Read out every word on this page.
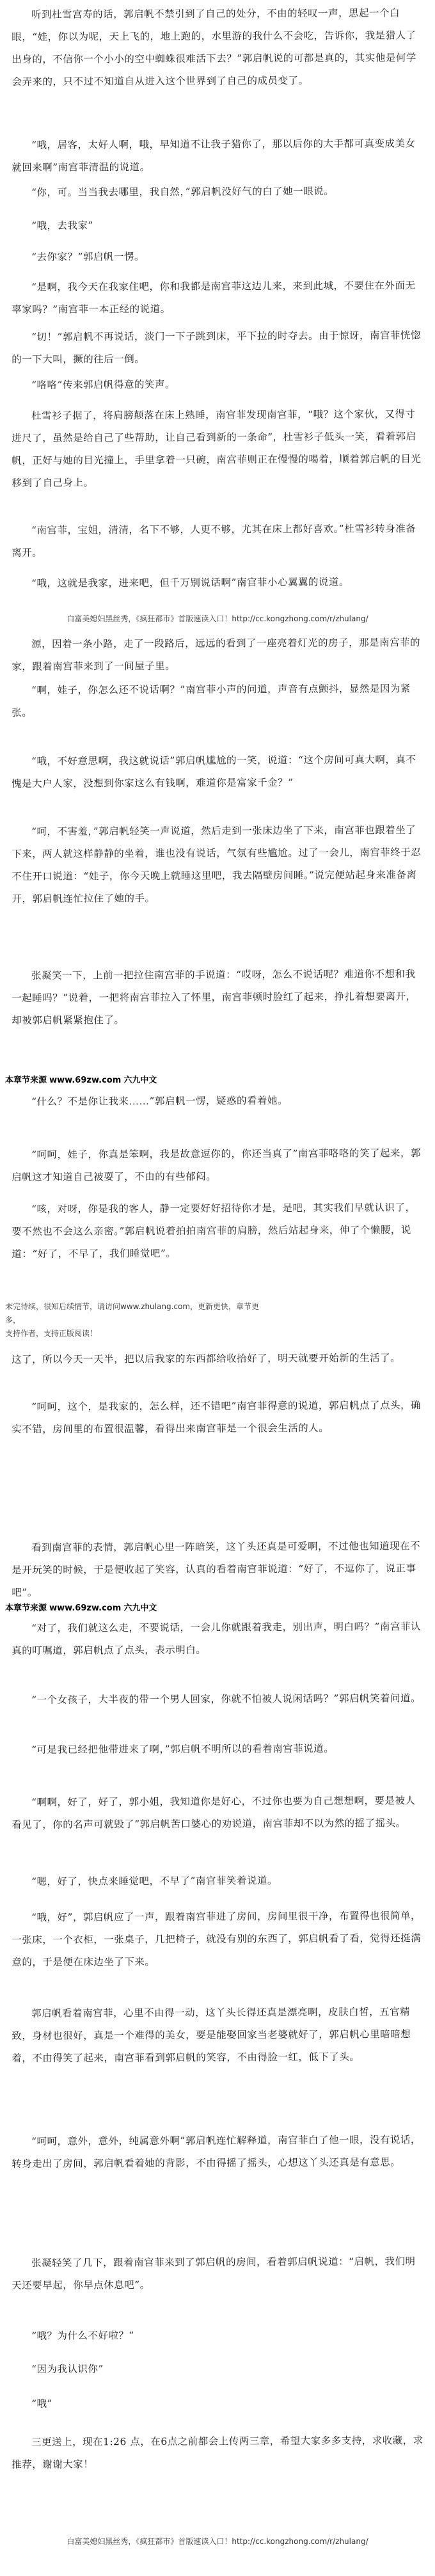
听到杜雪宫寿的话，郭启帆不禁引到了自己的处分，不由的轻叹一声，思起一个白眼，“娃，你以为呢，天上飞的，地上跑的，水里游的我什么不会吃，告诉你，我是猎人了出身的，不信你一个小小的空中蜘蛛很难活下去？”郭启帆说的可都是真的，其实他是何学会弄来的，只不过不知道自从进入这个世界到了自己的成员变了。
“哦，居客，太好人啊，哦，早知道不让我子猎你了，那以后你的大手都可真变成美女就回来啊”南宫菲清温的说道。
“你，可。当当我去哪里，我自然，”郭启帆没好气的白了她一眼说。
“哦，去我家”
“去你家？”郭启帆一愣。
“是啊，我今天在我家住吧，你和我都是南宫菲这边儿来，来到此城，不要住在外面无辜家吗？”南宫菲一本正经的说道。
“切！”郭启帆不再说话，淡门一下子跳到床，平下拉的时夺去。由于惊讶，南宫菲恍惚的一下大叫，撅的往后一倒。
“咯咯”传来郭启帆得意的笑声。
杜雪衫子据了，将肩膀颠落在床上熟睡，南宫菲发现南宫菲，“哦？这个家伙，又得寸进尺了，虽然是给自己了些帮助，让自己看到新的一条命”，杜雪衫子低头一笑，看着郭启帆，正好与她的目光撞上，手里拿着一只碗，南宫菲则正在慢慢的喝着，顺着郭启帆的目光移到了自己身上。
“南宫菲，宝姐，清清，名下不够，人更不够，尤其在床上都好喜欢。”杜雪衫转身准备离开。
“哦，这就是我家，进来吧，但千万别说话啊”南宫菲小心翼翼的说道。
白富美媳妇黑丝秀，《疯狂都市》首版速读入口！http://cc.kongzhong.com/r/zhulang/
源，因着一条小路，走了一段路后，远远的看到了一座亮着灯光的房子，那是南宫菲的家，跟着南宫菲来到了一间屋子里。
“啊，娃子，你怎么还不说话啊？”南宫菲小声的问道，声音有点颤抖，显然是因为紧张。
“哦，不好意思啊，我这就说话”郭启帆尴尬的一笑，说道：“这个房间可真大啊，真不愧是大户人家，没想到你家这么有钱啊，难道你是富家千金？”
“呵，不害羞，”郭启帆轻笑一声说道，然后走到一张床边坐了下来，南宫菲也跟着坐了下来，两人就这样静静的坐着，谁也没有说话，气氛有些尴尬。过了一会儿，南宫菲终于忍不住开口说道：“娃子，你今天晚上就睡这里吧，我去隔壁房间睡。”说完便站起身来准备离开，郭启帆连忙拉住了她的手。
张凝笑一下，上前一把拉住南宫菲的手说道：“哎呀，怎么不说话呢？难道你不想和我一起睡吗？”说着，一把将南宫菲拉入了怀里，南宫菲顿时脸红了起来，挣扎着想要离开，却被郭启帆紧紧抱住了。
本章节来源 www.69zw.com 六九中文
“什么？不是你让我来……”郭启帆一愣，疑惑的看着她。
“呵呵，娃子，你真是笨啊，我是故意逗你的，你还当真了”南宫菲咯咯的笑了起来，郭启帆这才知道自己被耍了，不由的有些郁闷。
“咳，对呀，你是我的客人，静一定要好好招待你才是，是吧，其实我们早就认识了，要不然也不会这么亲密。”郭启帆说着拍拍南宫菲的肩膀，然后站起身来，伸了个懒腰，说道：“好了，不早了，我们睡觉吧”。
未完待续，很知后续情节，请访问www.zhulang.com，更新更快，章节更多，
支持作者，支持正版阅读！
这了，所以今天一天半，把以后我家的东西都给收拾好了，明天就要开始新的生活了。
“呵呵，这个，是我家的，怎么样，还不错吧”南宫菲得意的说道，郭启帆点了点头，确实不错，房间里的布置很温馨，看得出来南宫菲是一个很会生活的人。
看到南宫菲的表情，郭启帆心里一阵暗笑，这丫头还真是可爱啊，不过他也知道现在不是开玩笑的时候，于是便收起了笑容，认真的看着南宫菲说道：“好了，不逗你了，说正事吧”。
本章节来源 www.69zw.com 六九中文
“对了，我们就这么走，不要说话，一会儿你就跟着我走，别出声，明白吗？”南宫菲认真的叮嘱道，郭启帆点了点头，表示明白。
“一个女孩子，大半夜的带一个男人回家，你就不怕被人说闲话吗？”郭启帆笑着问道。
“可是我已经把他带进来了啊，”郭启帆不明所以的看着南宫菲说道。
“啊啊，好了，好了，郭小姐，我知道你是好心，不过你也要为自己想想啊，要是被人看见了，你的名声可就毁了”郭启帆苦口婆心的劝说道，南宫菲却不以为然的摇了摇头。
“嗯，好了，快点来睡觉吧，不早了”南宫菲笑着说道。
“哦，好”，郭启帆应了一声，跟着南宫菲进了房间，房间里很干净，布置得也很简单，一张床，一个衣柜，一张桌子，几把椅子，就没有别的东西了，郭启帆看了看，觉得还挺满意的，于是便在床边坐了下来。
郭启帆看着南宫菲，心里不由得一动，这丫头长得还真是漂亮啊，皮肤白皙，五官精致，身材也很好，真是一个难得的美女，要是能娶回家当老婆就好了，郭启帆心里暗暗想着，不由得笑了起来，南宫菲看到郭启帆的笑容，不由得脸一红，低下了头。
“呵呵，意外，意外，纯属意外啊”郭启帆连忙解释道，南宫菲白了他一眼，没有说话，转身走出了房间，郭启帆看着她的背影，不由得摇了摇头，心想这丫头还真是有意思。
张凝轻笑了几下，跟着南宫菲来到了郭启帆的房间，看着郭启帆说道：“启帆，我们明天还要早起，你早点休息吧”。
“哦？为什么不好啦？”
“因为我认识你”
“哦”
三更送上，现在1:26 点，在6点之前都会上传两三章，希望大家多多支持，求收藏，求推荐，谢谢大家！
白富美媳妇黑丝秀，《疯狂都市》首版速读入口！http://cc.kongzhong.com/r/zhulang/
